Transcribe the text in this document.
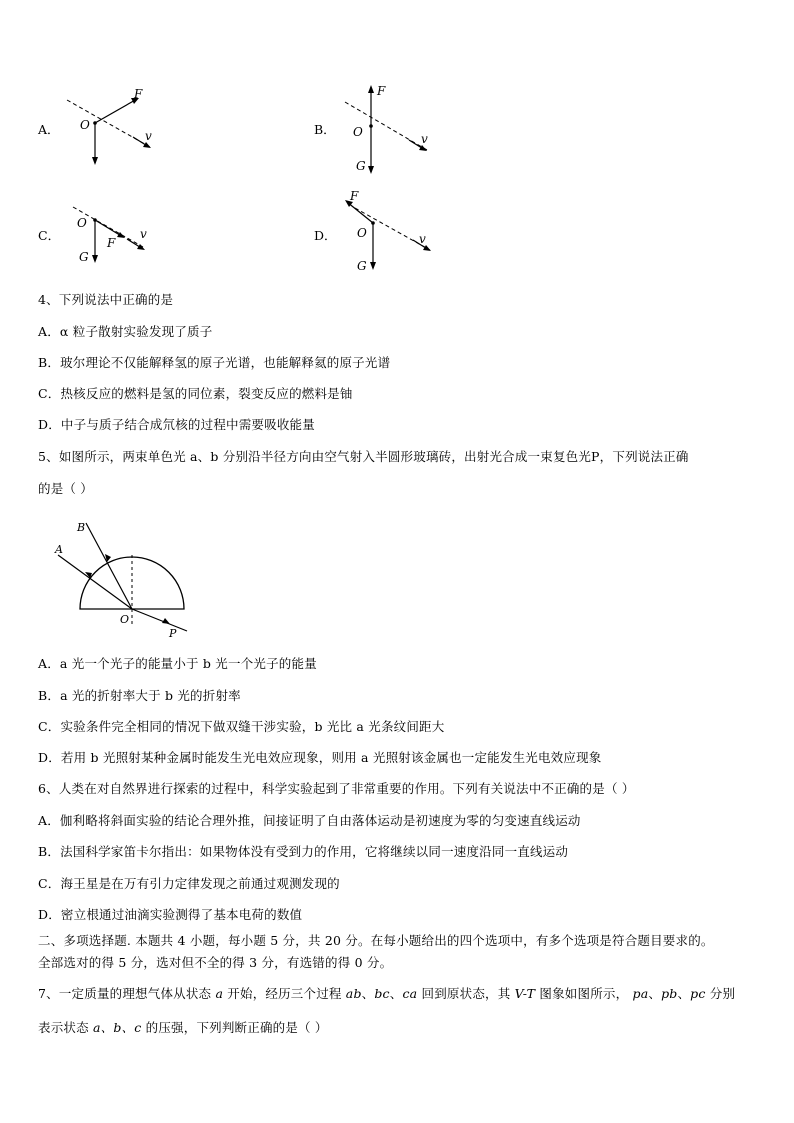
A． O
F
v	B． O
F
G
v
C．
O
F
G
v	D． O
F
G
v
4、下列说法中正确的是
A．α 粒子散射实验发现了质子
B．玻尔理论不仅能解释氢的原子光谱，也能解释氦的原子光谱
C．热核反应的燃料是氢的同位素，裂变反应的燃料是铀
D．中子与质子结合成氘核的过程中需要吸收能量
5、如图所示，两束单色光 a、b 分别沿半径方向由空气射入半圆形玻璃砖，出射光合成一束复色光P，下列说法正确
的是（ ）
B
A
O
P
A．a 光一个光子的能量小于 b 光一个光子的能量
B．a 光的折射率大于 b 光的折射率
C．实验条件完全相同的情况下做双缝干涉实验，b 光比 a 光条纹间距大
D．若用 b 光照射某种金属时能发生光电效应现象，则用 a 光照射该金属也一定能发生光电效应现象
6、人类在对自然界进行探索的过程中，科学实验起到了非常重要的作用。下列有关说法中不正确的是（ ）
A．伽利略将斜面实验的结论合理外推，间接证明了自由落体运动是初速度为零的匀变速直线运动
B．法国科学家笛卡尔指出：如果物体没有受到力的作用，它将继续以同一速度沿同一直线运动
C．海王星是在万有引力定律发现之前通过观测发现的
D．密立根通过油滴实验测得了基本电荷的数值
二、多项选择题. 本题共 4 小题，每小题 5 分，共 20 分。在每小题给出的四个选项中，有多个选项是符合题目要求的。
全部选对的得 5 分，选对但不全的得 3 分，有选错的得 0 分。
7、一定质量的理想气体从状态 a 开始，经历三个过程 ab、bc、ca 回到原状态，其 V-T 图象如图所示， pa、pb、pc 分别
表示状态 a、b、c 的压强，下列判断正确的是（ ）
